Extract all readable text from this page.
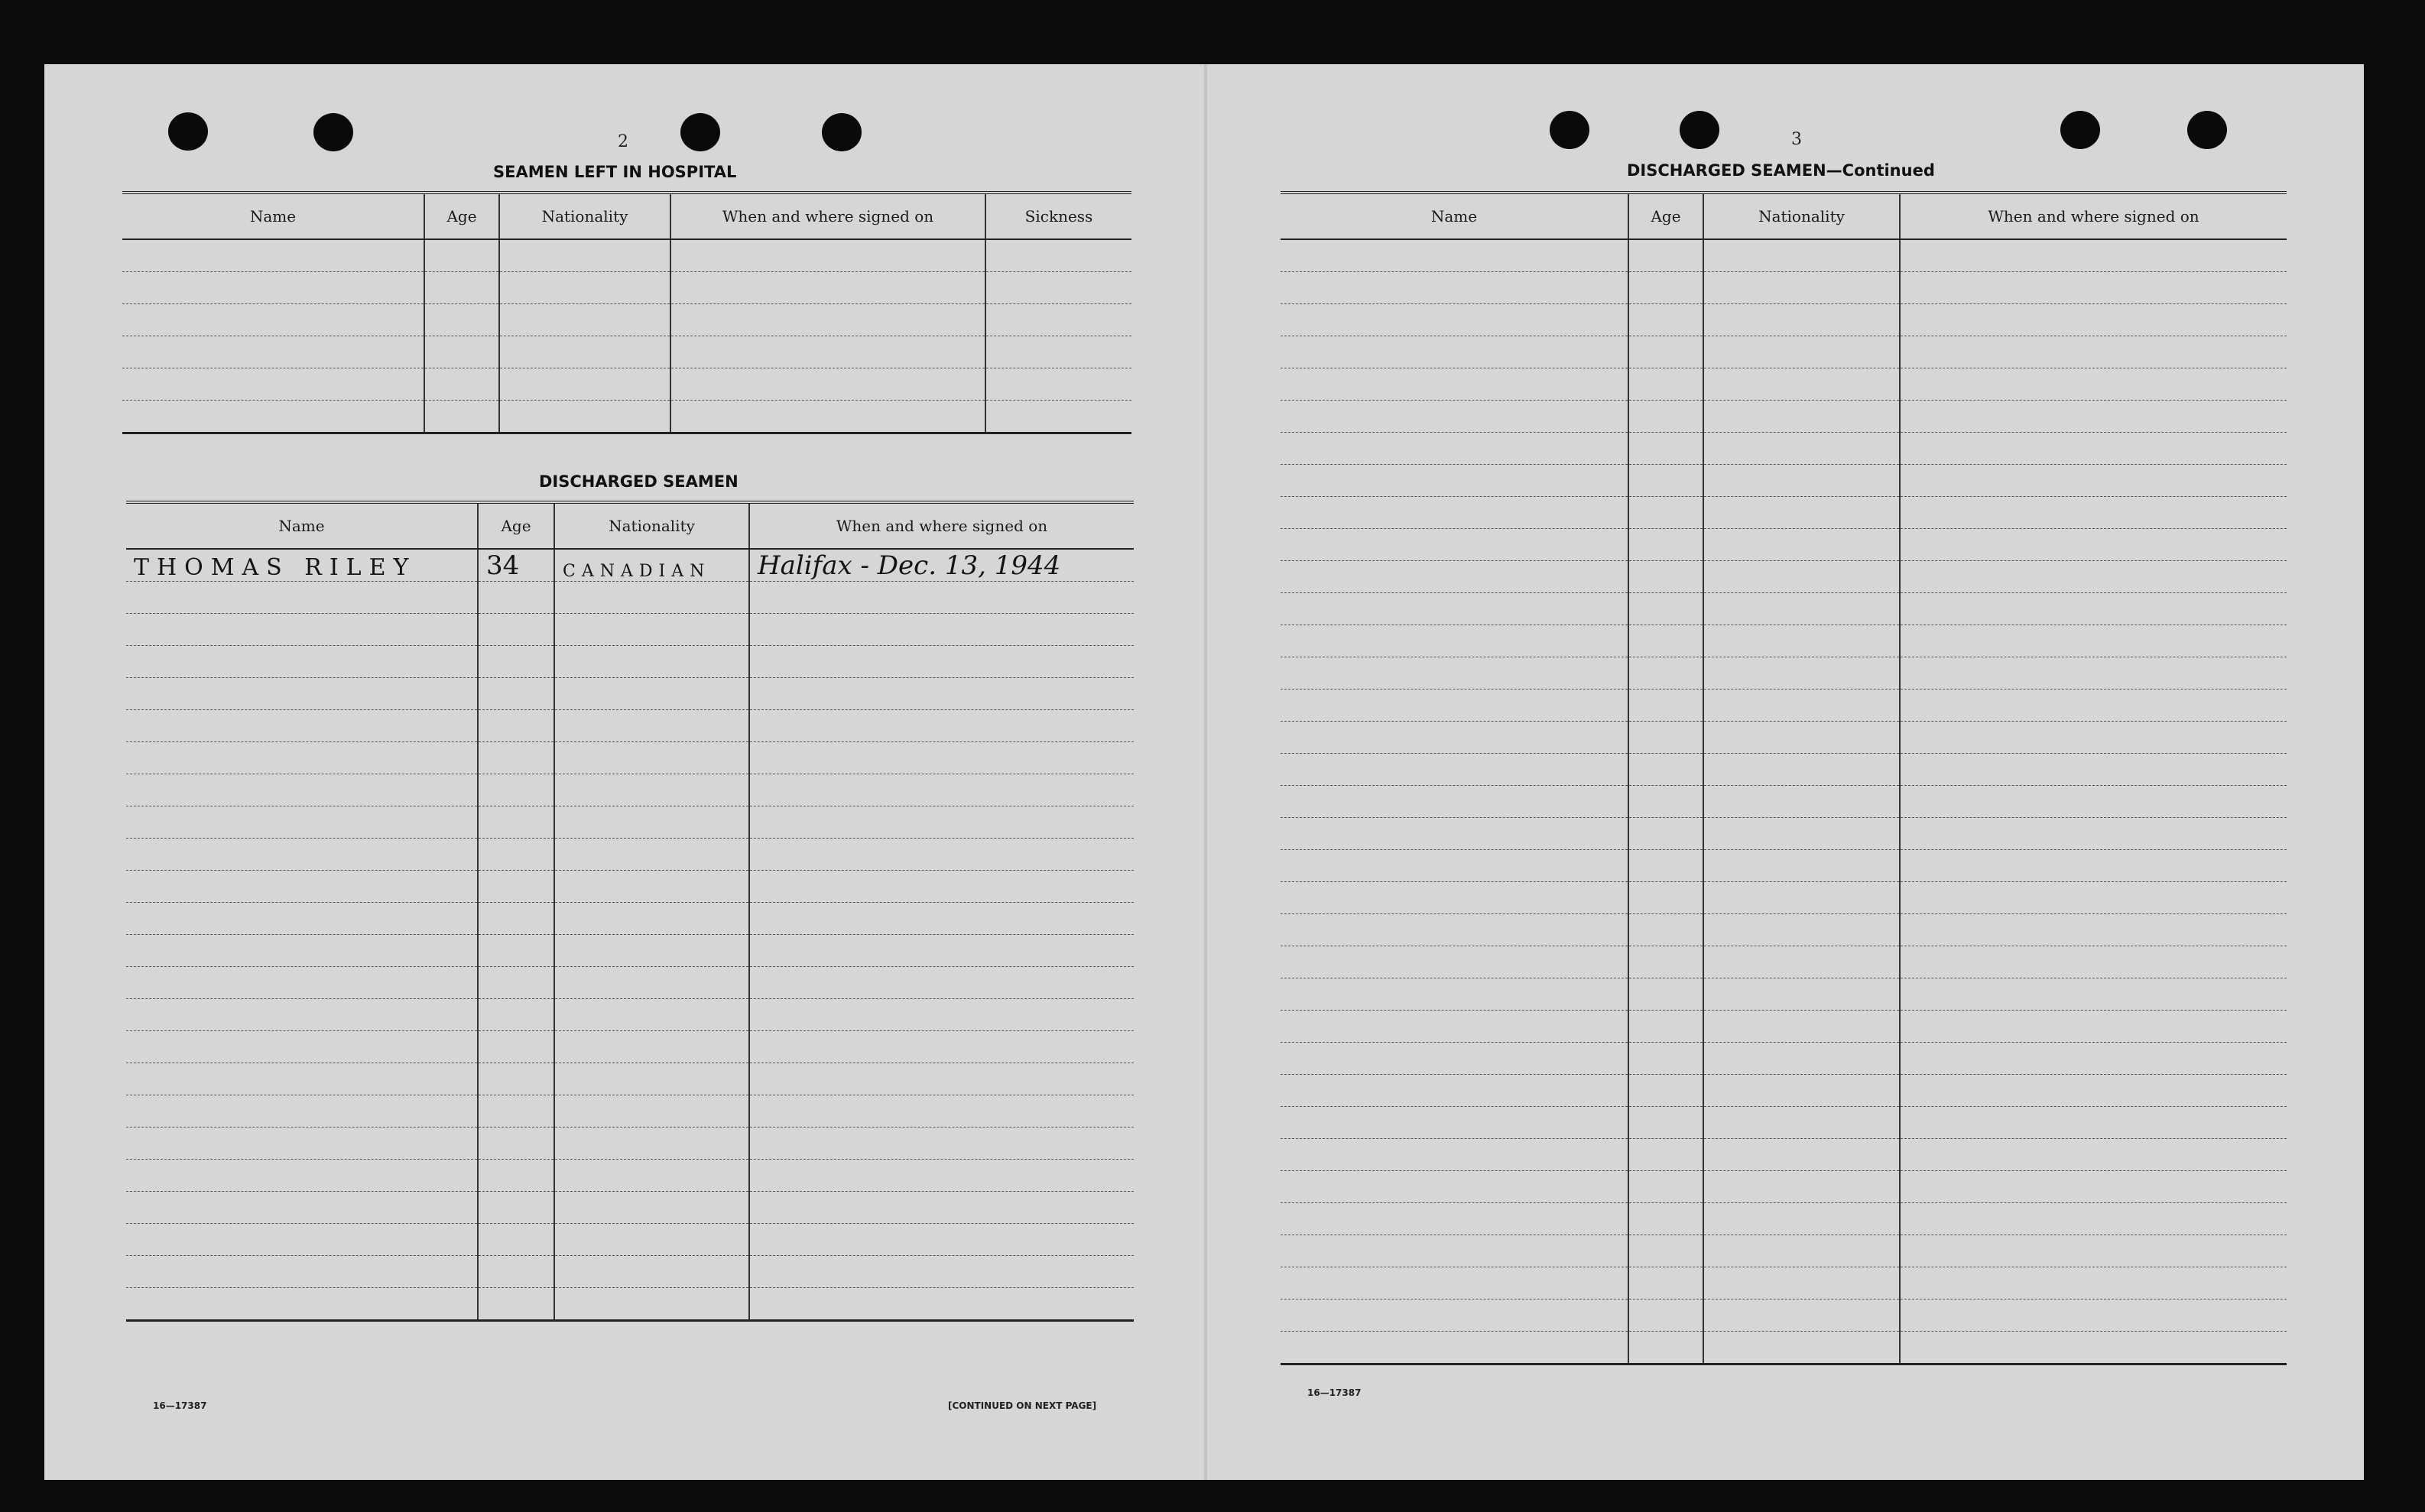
2
SEAMEN LEFT IN HOSPITAL
Name	Age	Nationality	When and where signed on	Sickness

DISCHARGED SEAMEN
Name	Age	Nationality	When and where signed on

THOMAS RILEY	34	CANADIAN	Halifax - Dec. 13, 1944

16—17387	[CONTINUED ON NEXT PAGE]
3
DISCHARGED SEAMEN—Continued
Name	Age	Nationality	When and where signed on

16—17387
